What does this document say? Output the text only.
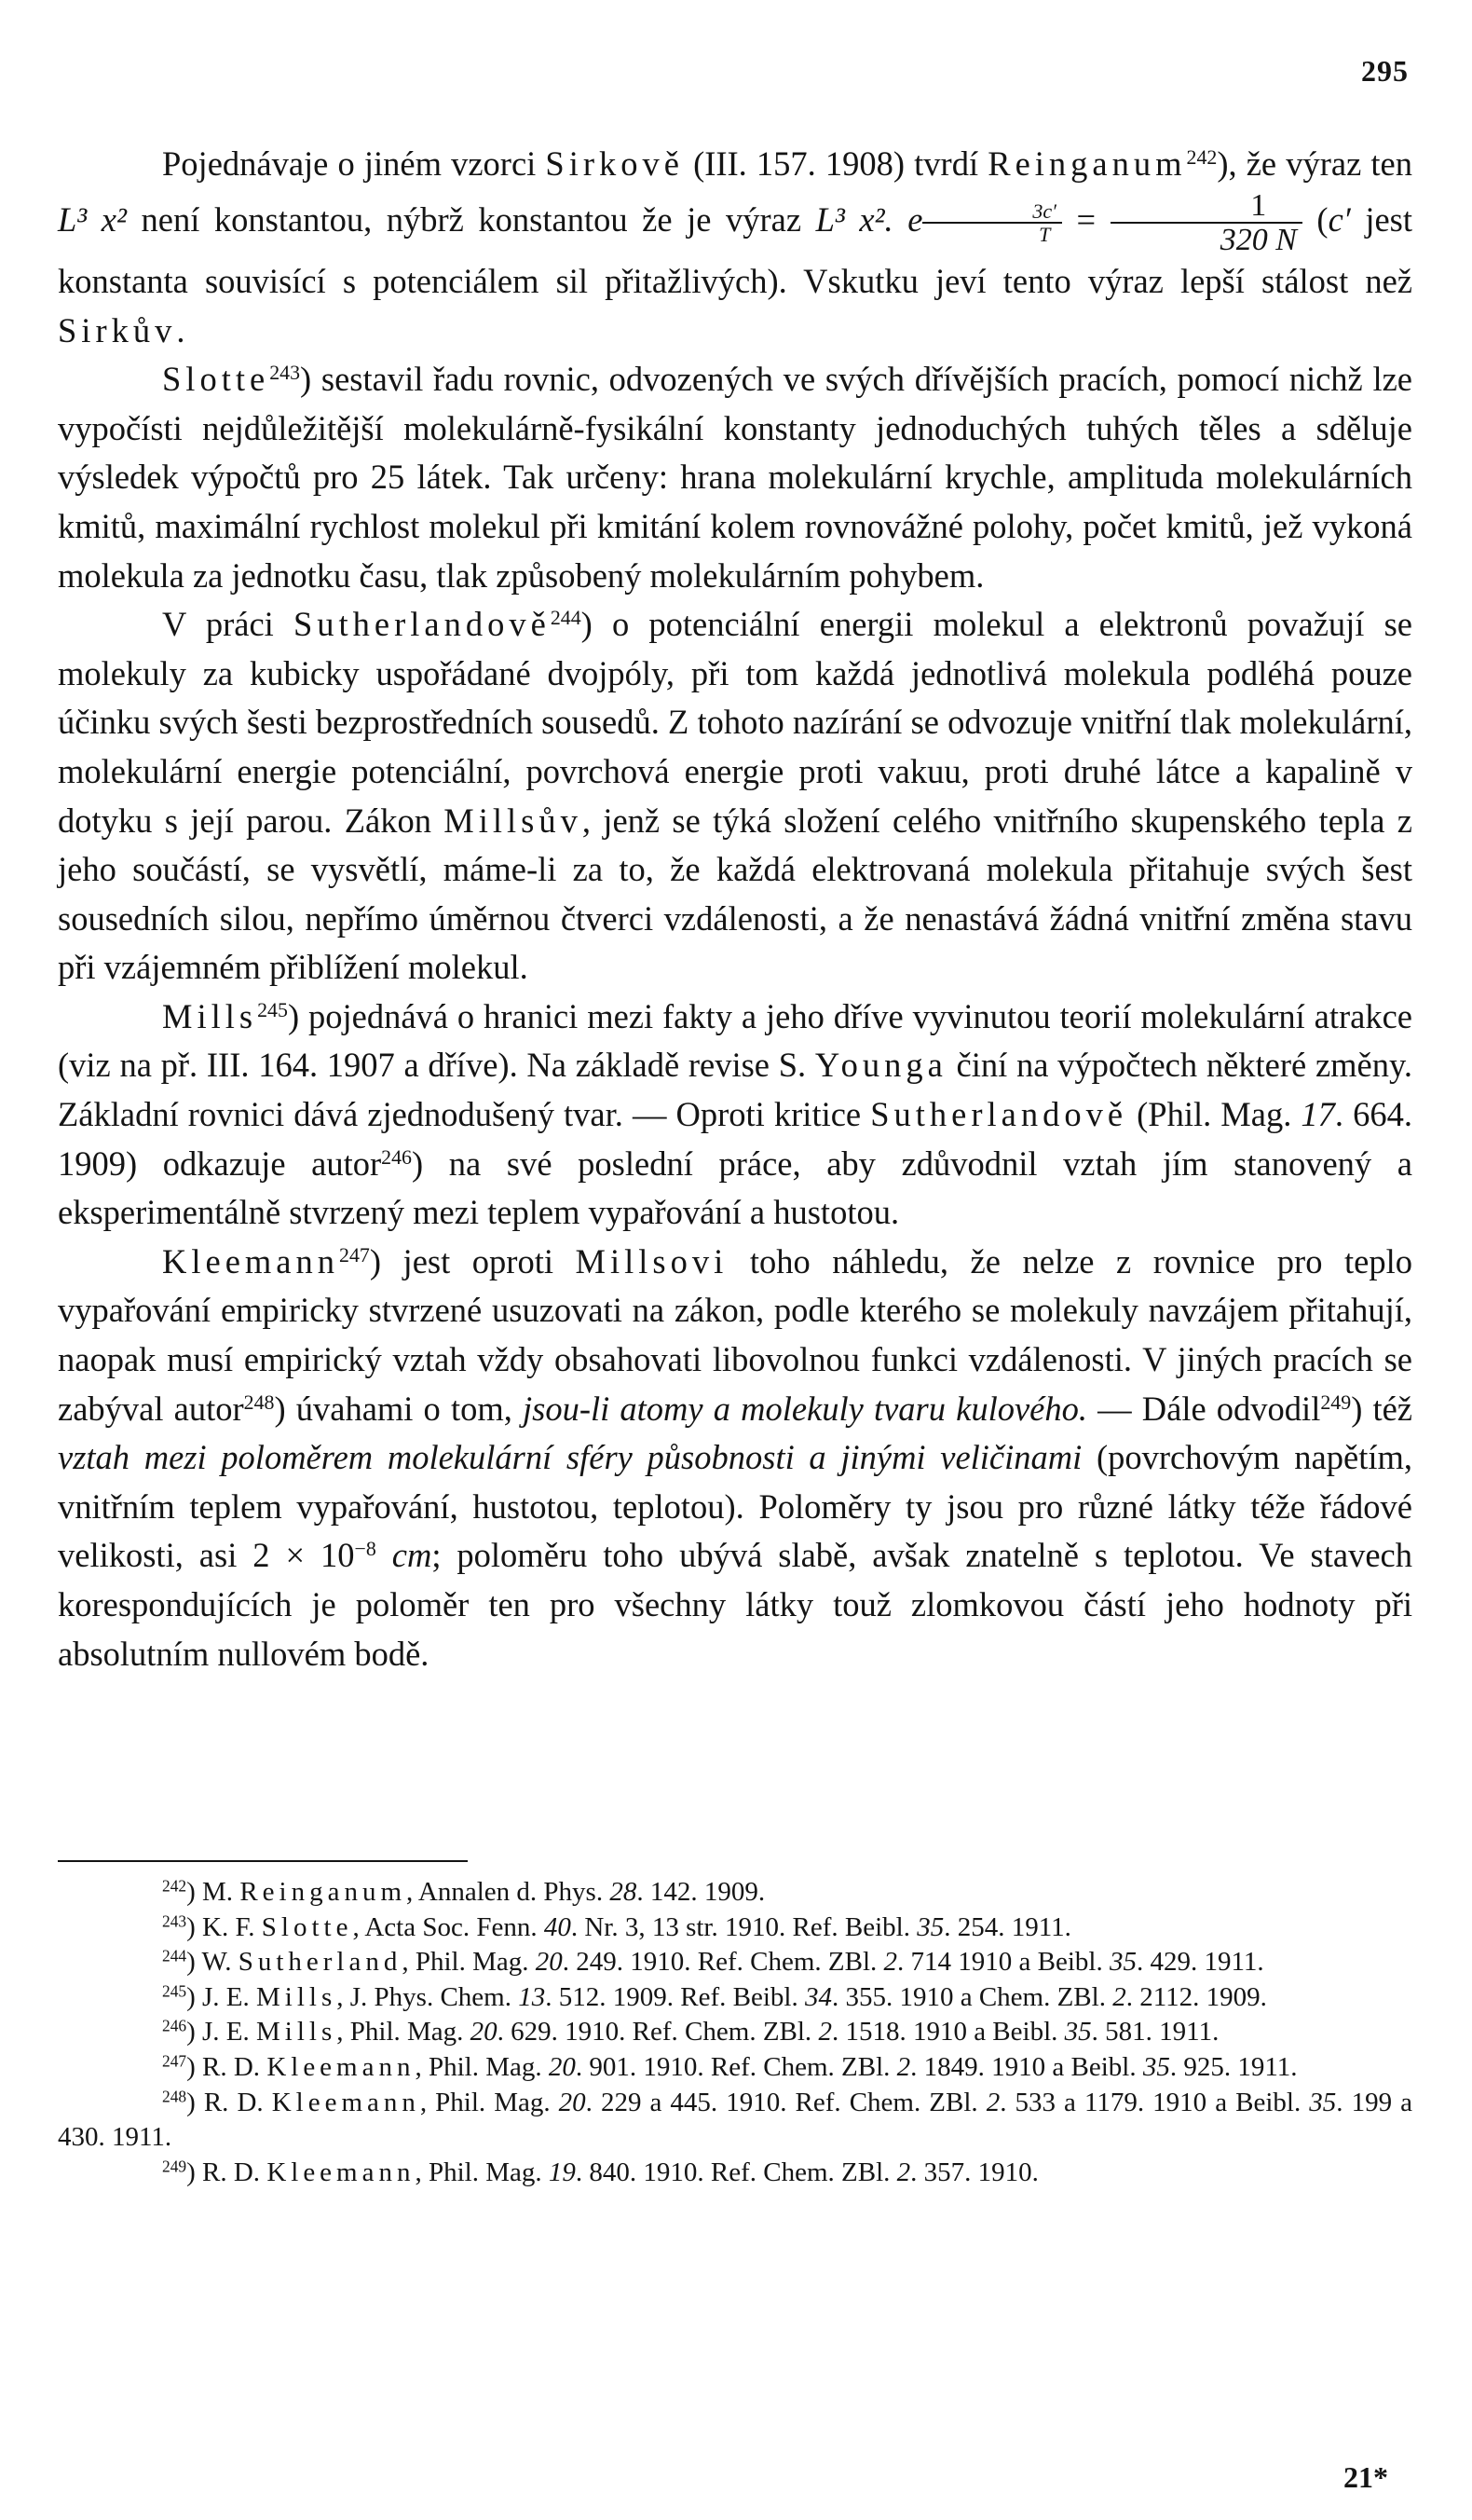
295

Pojednávaje o jiném vzorci Sirkově (III. 157. 1908) tvrdí Reinganum$^{242}$), že výraz ten L³ x² není konstantou, nýbrž konstantou že je výraz L³ x². e $\frac{3c'}{T} = \frac{1}{320 N} (c'$ jest konstanta souvisící s potenciálem sil přitažlivých). Vskutku jeví tento výraz lepší stálost než Sirkův.

Slotte$^{243}$) sestavil řadu rovnic, odvozených ve svých dřívějších pracích, pomocí nichž lze vypočísti nejdůležitější molekulárně-fysikální konstanty jednoduchých tuhých těles a sděluje výsledek výpočtů pro 25 látek. Tak určeny: hrana molekulární krychle, amplituda molekulárních kmitů, maximální rychlost molekul při kmitání kolem rovnovážné polohy, počet kmitů, jež vykoná molekula za jednotku času, tlak způsobený molekulárním pohybem.

V práci Sutherlandově$^{244}$) o potenciální energii molekul a elektronů považují se molekuly za kubicky uspořádané dvojpóly, při tom každá jednotlivá molekula podléhá pouze účinku svých šesti bezprostředních sousedů. Z tohoto nazírání se odvozuje vnitřní tlak molekulární, molekulární energie potenciální, povrchová energie proti vakuu, proti druhé látce a kapalině v dotyku s její parou. Zákon Millsův, jenž se týká složení celého vnitřního skupenského tepla z jeho součástí, se vysvětlí, máme-li za to, že každá elektrovaná molekula přitahuje svých šest sousedních silou, nepřímo úměrnou čtverci vzdálenosti, a že nenastává žádná vnitřní změna stavu při vzájemném přiblížení molekul.

Mills$^{245}$) pojednává o hranici mezi fakty a jeho dříve vyvinutou teorií molekulární atrakce (viz na př. III. 164. 1907 a dříve). Na základě revise S. Younga činí na výpočtech některé změny. Základní rovnici dává zjednodušený tvar. — Oproti kritice Sutherlandově (Phil. Mag. 17. 664. 1909) odkazuje autor$^{246}$) na své poslední práce, aby zdůvodnil vztah jím stanovený a eksperimentálně stvrzený mezi teplem vypařování a hustotou.

Kleemann$^{247}$) jest oproti Millsovi toho náhledu, že nelze z rovnice pro teplo vypařování empiricky stvrzené usuzovati na zákon, podle kterého se molekuly navzájem přitahují, naopak musí empirický vztah vždy obsahovati libovolnou funkci vzdálenosti. V jiných pracích se zabýval autor$^{248}$) úvahami o tom, jsou-li atomy a molekuly tvaru kulového. — Dále odvodil$^{249}$) též vztah mezi poloměrem molekulární sféry působnosti a jinými veličinami (povrchovým napětím, vnitřním teplem vypařování, hustotou, teplotou). Poloměry ty jsou pro různé látky téže řádové velikosti, asi $2 \times 10^{-8}$ cm; poloměru toho ubývá slabě, avšak znatelně s teplotou. Ve stavech korespondujících je poloměr ten pro všechny látky touž zlomkovou částí jeho hodnoty při absolutním nullovém bodě.

$^{242}$) M. Reinganum, Annalen d. Phys. 28. 142. 1909.

$^{243}$) K. F. Slotte, Acta Soc. Fenn. 40. Nr. 3, 13 str. 1910. Ref. Beibl. 35. 254. 1911.

$^{244}$) W. Sutherland, Phil. Mag. 20. 249. 1910. Ref. Chem. ZBl. 2. 714 1910 a Beibl. 35. 429. 1911.

$^{245}$) J. E. Mills, J. Phys. Chem. 13. 512. 1909. Ref. Beibl. 34. 355. 1910 a Chem. ZBl. 2. 2112. 1909.

$^{246}$) J. E. Mills, Phil. Mag. 20. 629. 1910. Ref. Chem. ZBl. 2. 1518. 1910 a Beibl. 35. 581. 1911.

$^{247}$) R. D. Kleemann, Phil. Mag. 20. 901. 1910. Ref. Chem. ZBl. 2. 1849. 1910 a Beibl. 35. 925. 1911.

$^{248}$) R. D. Kleemann, Phil. Mag. 20. 229 a 445. 1910. Ref. Chem. ZBl. 2. 533 a 1179. 1910 a Beibl. 35. 199 a 430. 1911.

$^{249}$) R. D. Kleemann, Phil. Mag. 19. 840. 1910. Ref. Chem. ZBl. 2. 357. 1910.

21*
